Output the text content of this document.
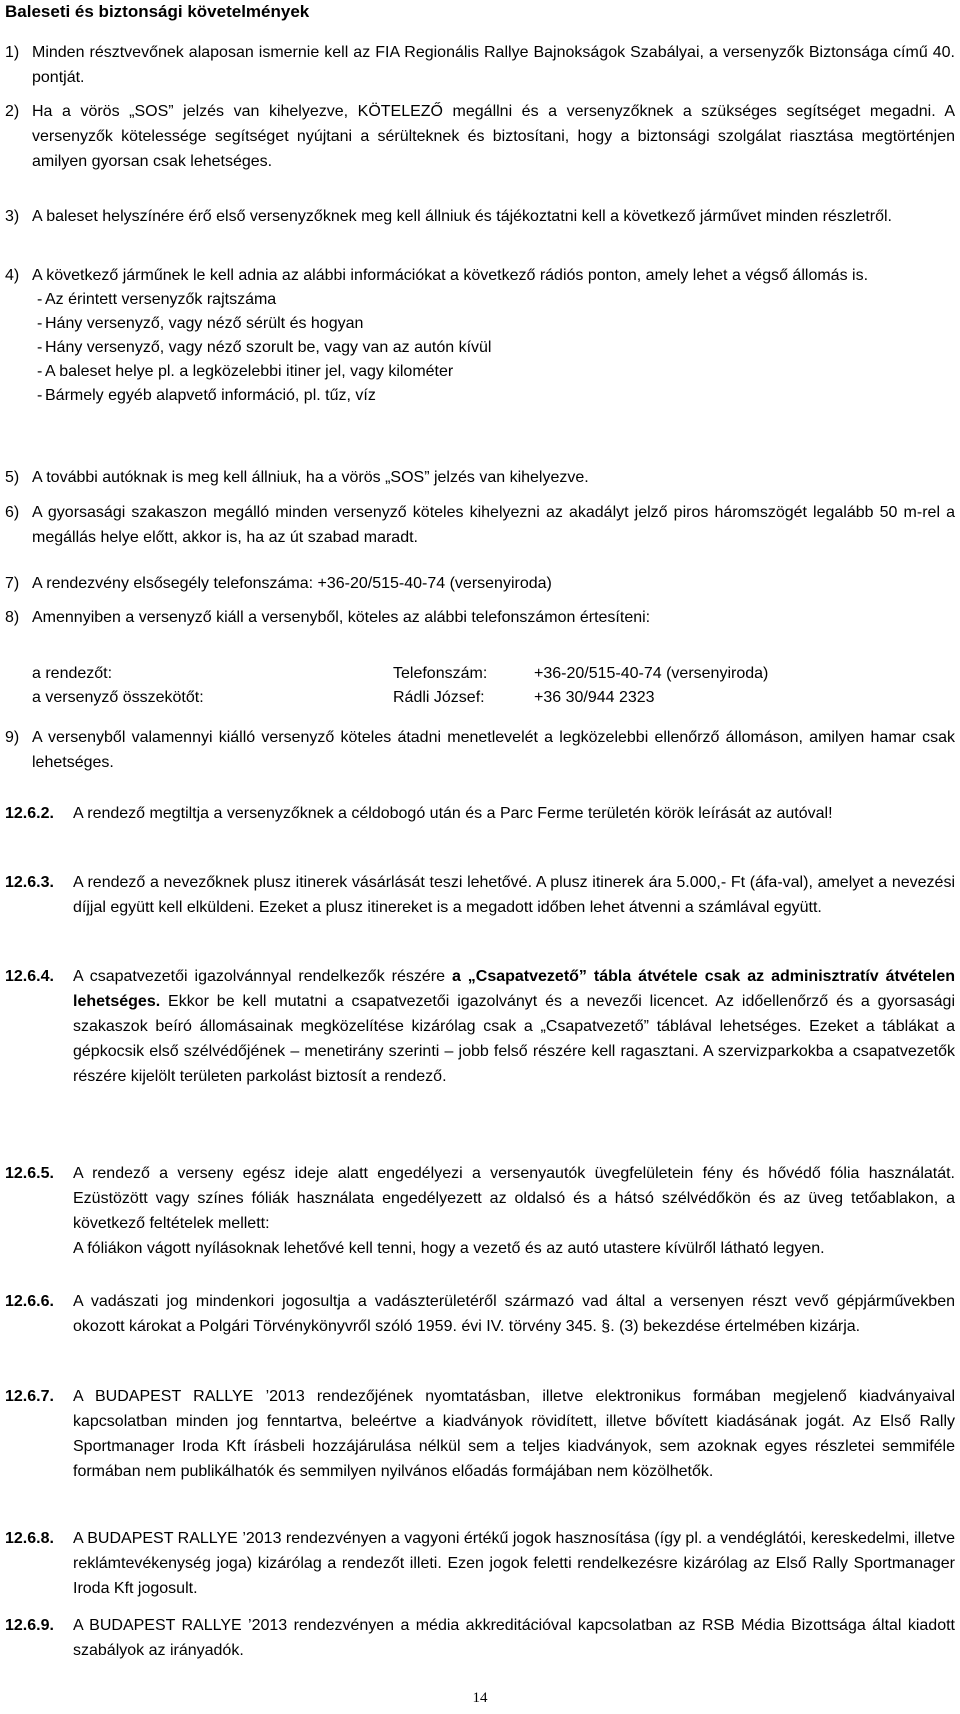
Baleseti és biztonsági követelmények
1) Minden résztvevőnek alaposan ismernie kell az FIA Regionális Rallye Bajnokságok Szabályai, a versenyzők Biztonsága című 40. pontját.
2) Ha a vörös „SOS” jelzés van kihelyezve, KÖTELEZŐ megállni és a versenyzőknek a szükséges segítséget megadni. A versenyzők kötelessége segítséget nyújtani a sérülteknek és biztosítani, hogy a biztonsági szolgálat riasztása megtörténjen amilyen gyorsan csak lehetséges.
3) A baleset helyszínére érő első versenyzőknek meg kell állniuk és tájékoztatni kell a következő járművet minden részletről.
4) A következő járműnek le kell adnia az alábbi információkat a következő rádiós ponton, amely lehet a végső állomás is.
- Az érintett versenyzők rajtszáma
- Hány versenyző, vagy néző sérült és hogyan
- Hány versenyző, vagy néző szorult be, vagy van az autón kívül
- A baleset helye pl. a legközelebbi itiner jel, vagy kilométer
- Bármely egyéb alapvető információ, pl. tűz, víz
5) A további autóknak is meg kell állniuk, ha a vörös „SOS” jelzés van kihelyezve.
6) A gyorsasági szakaszon megálló minden versenyző köteles kihelyezni az akadályt jelző piros háromszögét legalább 50 m-rel a megállás helye előtt, akkor is, ha az út szabad maradt.
7) A rendezvény elsősegély telefonszáma: +36-20/515-40-74 (versenyiroda)
8) Amennyiben a versenyző kiáll a versenyből, köteles az alábbi telefonszámon értesíteni:
a rendezőt:	Telefonszám:	+36-20/515-40-74 (versenyiroda)
a versenyző összekötőt:	Rádli József:	+36 30/944 2323
9) A versenyből valamennyi kiálló versenyző köteles átadni menetlevelét a legközelebbi ellenőrző állomáson, amilyen hamar csak lehetséges.
12.6.2.	A rendező megtiltja a versenyzőknek a céldobogó után és a Parc Ferme területén körök leírását az autóval!
12.6.3.	A rendező a nevezőknek plusz itinerek vásárlását teszi lehetővé. A plusz itinerek ára 5.000,- Ft (áfa-val), amelyet a nevezési díjjal együtt kell elküldeni. Ezeket a plusz itinereket is a megadott időben lehet átvenni a számlával együtt.
12.6.4.	A csapatvezetői igazolvánnyal rendelkezők részére a „Csapatvezető” tábla átvétele csak az adminisztratív átvételen lehetséges. Ekkor be kell mutatni a csapatvezetői igazolványt és a nevezői licencet. Az időellenőrző és a gyorsasági szakaszok beíró állomásainak megközelítése kizárólag csak a „Csapatvezető” táblával lehetséges. Ezeket a táblákat a gépkocsik első szélvédőjének – menetirány szerinti – jobb felső részére kell ragasztani. A szervizparkokba a csapatvezetők részére kijelölt területen parkolást biztosít a rendező.
12.6.5.	A rendező a verseny egész ideje alatt engedélyezi a versenyautók üvegfelületein fény és hővédő fólia használatát. Ezüstözött vagy színes fóliák használata engedélyezett az oldalsó és a hátsó szélvédőkön és az üveg tetőablakon, a következő feltételek mellett:
A fóliákon vágott nyílásoknak lehetővé kell tenni, hogy a vezető és az autó utastere kívülről látható legyen.
12.6.6.	A vadászati jog mindenkori jogosultja a vadászterületéről származó vad által a versenyen részt vevő gépjárművekben okozott károkat a Polgári Törvénykönyvről szóló 1959. évi IV. törvény 345. §. (3) bekezdése értelmében kizárja.
12.6.7.	A BUDAPEST RALLYE ’2013 rendezőjének nyomtatásban, illetve elektronikus formában megjelenő kiadványaival kapcsolatban minden jog fenntartva, beleértve a kiadványok rövidített, illetve bővített kiadásának jogát. Az Első Rally Sportmanager Iroda Kft írásbeli hozzájárulása nélkül sem a teljes kiadványok, sem azoknak egyes részletei semmiféle formában nem publikálhatók és semmilyen nyilvános előadás formájában nem közölhetők.
12.6.8.	A BUDAPEST RALLYE ’2013 rendezvényen a vagyoni értékű jogok hasznosítása (így pl. a vendéglátói, kereskedelmi, illetve reklámtevékenység joga) kizárólag a rendezőt illeti. Ezen jogok feletti rendelkezésre kizárólag az Első Rally Sportmanager Iroda Kft jogosult.
12.6.9.	A BUDAPEST RALLYE ’2013 rendezvényen a média akkreditációval kapcsolatban az RSB Média Bizottsága által kiadott szabályok az irányadók.
14
